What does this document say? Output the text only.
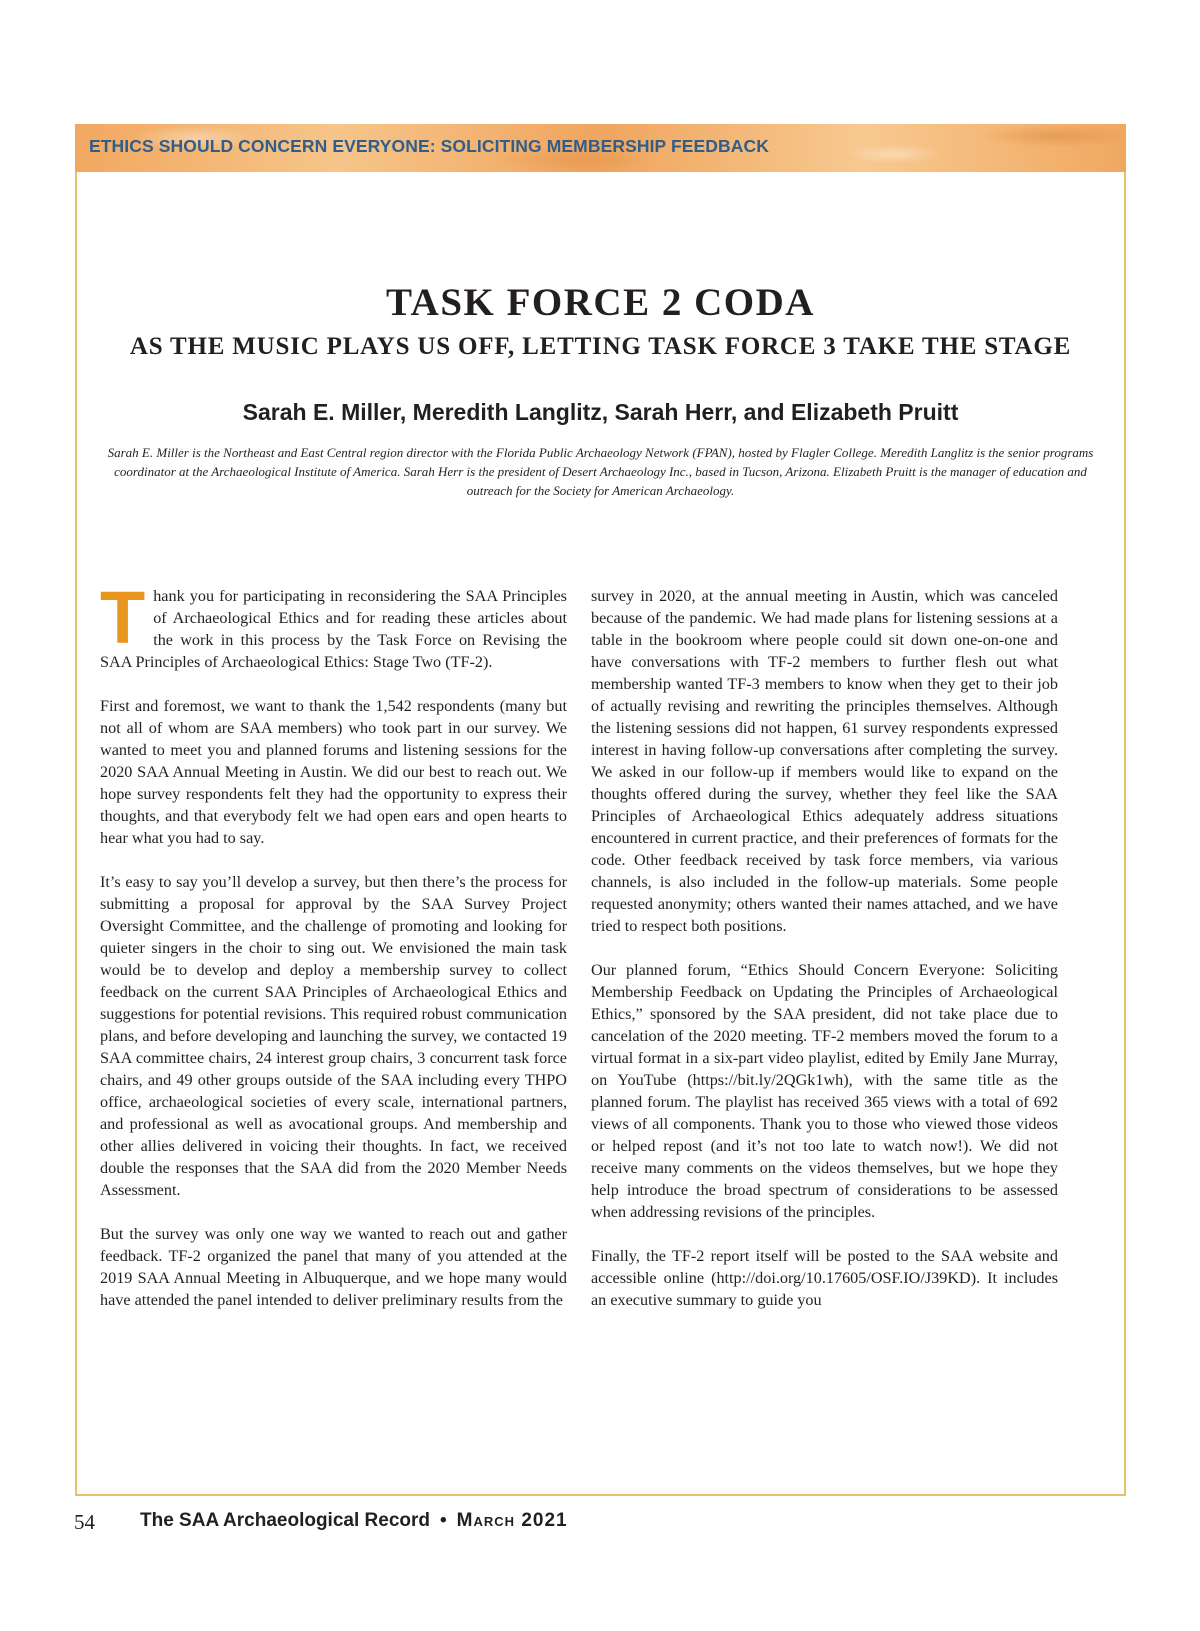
ETHICS SHOULD CONCERN EVERYONE: SOLICITING MEMBERSHIP FEEDBACK

TASK FORCE 2 CODA
AS THE MUSIC PLAYS US OFF, LETTING TASK FORCE 3 TAKE THE STAGE

Sarah E. Miller, Meredith Langlitz, Sarah Herr, and Elizabeth Pruitt

Sarah E. Miller is the Northeast and East Central region director with the Florida Public Archaeology Network (FPAN), hosted by Flagler College. Meredith Langlitz is the senior programs coordinator at the Archaeological Institute of America. Sarah Herr is the president of Desert Archaeology Inc., based in Tucson, Arizona. Elizabeth Pruitt is the manager of education and outreach for the Society for American Archaeology.

Thank you for participating in reconsidering the SAA Principles of Archaeological Ethics and for reading these articles about the work in this process by the Task Force on Revising the SAA Principles of Archaeological Ethics: Stage Two (TF-2).

First and foremost, we want to thank the 1,542 respondents (many but not all of whom are SAA members) who took part in our survey. We wanted to meet you and planned forums and listening sessions for the 2020 SAA Annual Meeting in Austin. We did our best to reach out. We hope survey respondents felt they had the opportunity to express their thoughts, and that everybody felt we had open ears and open hearts to hear what you had to say.

It’s easy to say you’ll develop a survey, but then there’s the process for submitting a proposal for approval by the SAA Survey Project Oversight Committee, and the challenge of promoting and looking for quieter singers in the choir to sing out. We envisioned the main task would be to develop and deploy a membership survey to collect feedback on the current SAA Principles of Archaeological Ethics and suggestions for potential revisions. This required robust communication plans, and before developing and launching the survey, we contacted 19 SAA committee chairs, 24 interest group chairs, 3 concurrent task force chairs, and 49 other groups outside of the SAA including every THPO office, archaeological societies of every scale, international partners, and professional as well as avocational groups. And membership and other allies delivered in voicing their thoughts. In fact, we received double the responses that the SAA did from the 2020 Member Needs Assessment.

But the survey was only one way we wanted to reach out and gather feedback. TF-2 organized the panel that many of you attended at the 2019 SAA Annual Meeting in Albuquerque, and we hope many would have attended the panel intended to deliver preliminary results from the

survey in 2020, at the annual meeting in Austin, which was canceled because of the pandemic. We had made plans for listening sessions at a table in the bookroom where people could sit down one-on-one and have conversations with TF-2 members to further flesh out what membership wanted TF-3 members to know when they get to their job of actually revising and rewriting the principles themselves. Although the listening sessions did not happen, 61 survey respondents expressed interest in having follow-up conversations after completing the survey. We asked in our follow-up if members would like to expand on the thoughts offered during the survey, whether they feel like the SAA Principles of Archaeological Ethics adequately address situations encountered in current practice, and their preferences of formats for the code. Other feedback received by task force members, via various channels, is also included in the follow-up materials. Some people requested anonymity; others wanted their names attached, and we have tried to respect both positions.

Our planned forum, “Ethics Should Concern Everyone: Soliciting Membership Feedback on Updating the Principles of Archaeological Ethics,” sponsored by the SAA president, did not take place due to cancelation of the 2020 meeting. TF-2 members moved the forum to a virtual format in a six-part video playlist, edited by Emily Jane Murray, on YouTube (https://bit.ly/2QGk1wh), with the same title as the planned forum. The playlist has received 365 views with a total of 692 views of all components. Thank you to those who viewed those videos or helped repost (and it’s not too late to watch now!). We did not receive many comments on the videos themselves, but we hope they help introduce the broad spectrum of considerations to be assessed when addressing revisions of the principles.

Finally, the TF-2 report itself will be posted to the SAA website and accessible online (http://doi.org/10.17605/OSF.IO/J39KD). It includes an executive summary to guide you

54 The SAA Archaeological Record • March 2021
